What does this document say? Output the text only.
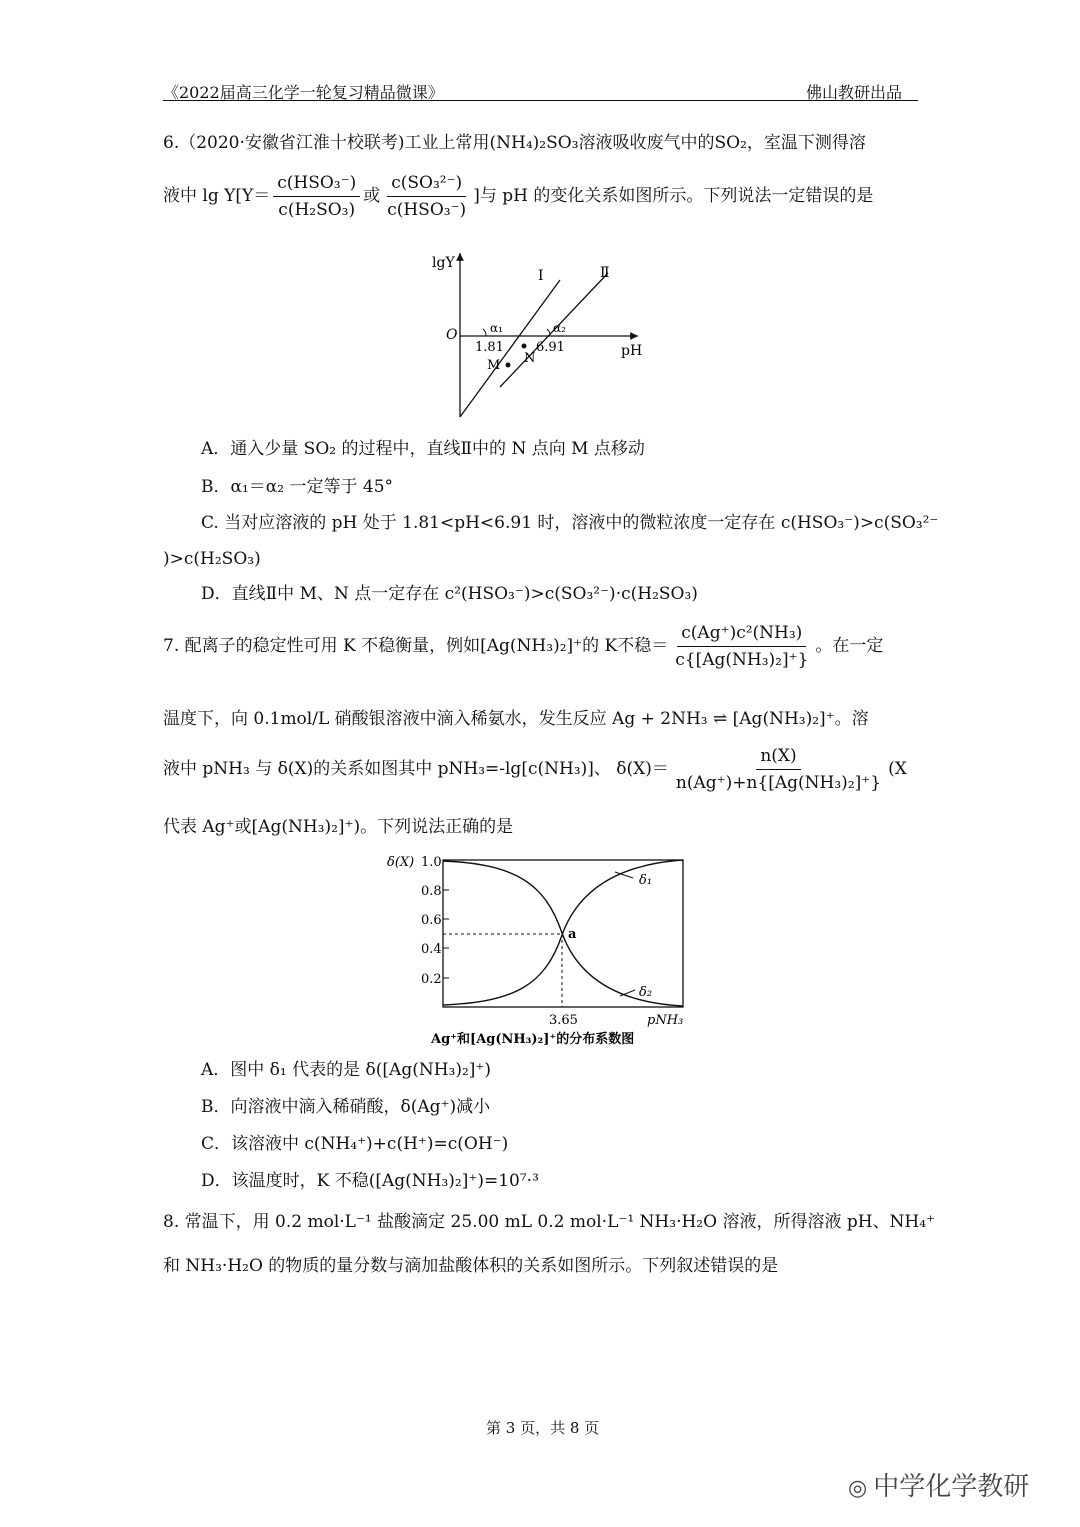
《2022届高三化学一轮复习精品微课》	佛山教研出品
6.（2020·安徽省江淮十校联考)工业上常用(NH₄)₂SO₃溶液吸收废气中的SO₂，室温下测得溶
液中 lg Y[Y＝
c(HSO₃⁻)
c(H₂SO₃)
或
c(SO₃²⁻)
c(HSO₃⁻)
]与 pH 的变化关系如图所示。下列说法一定错误的是
lgY
pH
O
I	Ⅱ
α₁	α₂
1.81 6.91
M N
A．通入少量 SO₂ 的过程中，直线Ⅱ中的 N 点向 M 点移动
B．α₁＝α₂ 一定等于 45°
C. 当对应溶液的 pH 处于 1.81<pH<6.91 时，溶液中的微粒浓度一定存在 c(HSO₃⁻)>c(SO₃²⁻
)>c(H₂SO₃)
D．直线Ⅱ中 M、N 点一定存在 c²(HSO₃⁻)>c(SO₃²⁻)·c(H₂SO₃)
7. 配离子的稳定性可用 K 不稳衡量，例如[Ag(NH₃)₂]⁺的 K不稳＝ $\frac{\text{c(Ag⁺)c²(NH₃)}}{\text{c\{[Ag(NH₃)₂]⁺\}}}$ 。在一定
温度下，向 0.1mol/L 硝酸银溶液中滴入稀氨水，发生反应 Ag + 2NH₃ ⇌ [Ag(NH₃)₂]⁺。溶
液中 pNH₃ 与 δ(X)的关系如图其中 pNH₃=-lg[c(NH₃)]、 $\delta(X)= \frac{n(X)}{\text{n(Ag⁺)+n\{[Ag(NH₃)₂]⁺\}}} (X$
代表 Ag⁺或[Ag(NH₃)₂]⁺)。下列说法正确的是
δ(X) 1.0
0.8
0.6
0.4
0.2
3.65	pNH₃
δ₁
δ₂
a
Ag⁺和[Ag(NH₃)₂]⁺的分布系数图
A．图中 δ₁ 代表的是 δ([Ag(NH₃)₂]⁺)
B．向溶液中滴入稀硝酸，δ(Ag⁺)减小
C．该溶液中 c(NH₄⁺)+c(H⁺)=c(OH⁻)
D．该温度时，K 不稳([Ag(NH₃)₂]⁺)=10⁷·³
8. 常温下，用 0.2 mol·L⁻¹ 盐酸滴定 25.00 mL 0.2 mol·L⁻¹ NH₃·H₂O 溶液，所得溶液 pH、NH₄⁺
和 NH₃·H₂O 的物质的量分数与滴加盐酸体积的关系如图所示。下列叙述错误的是
第 3 页，共 8 页
◎ 中学化学教研
